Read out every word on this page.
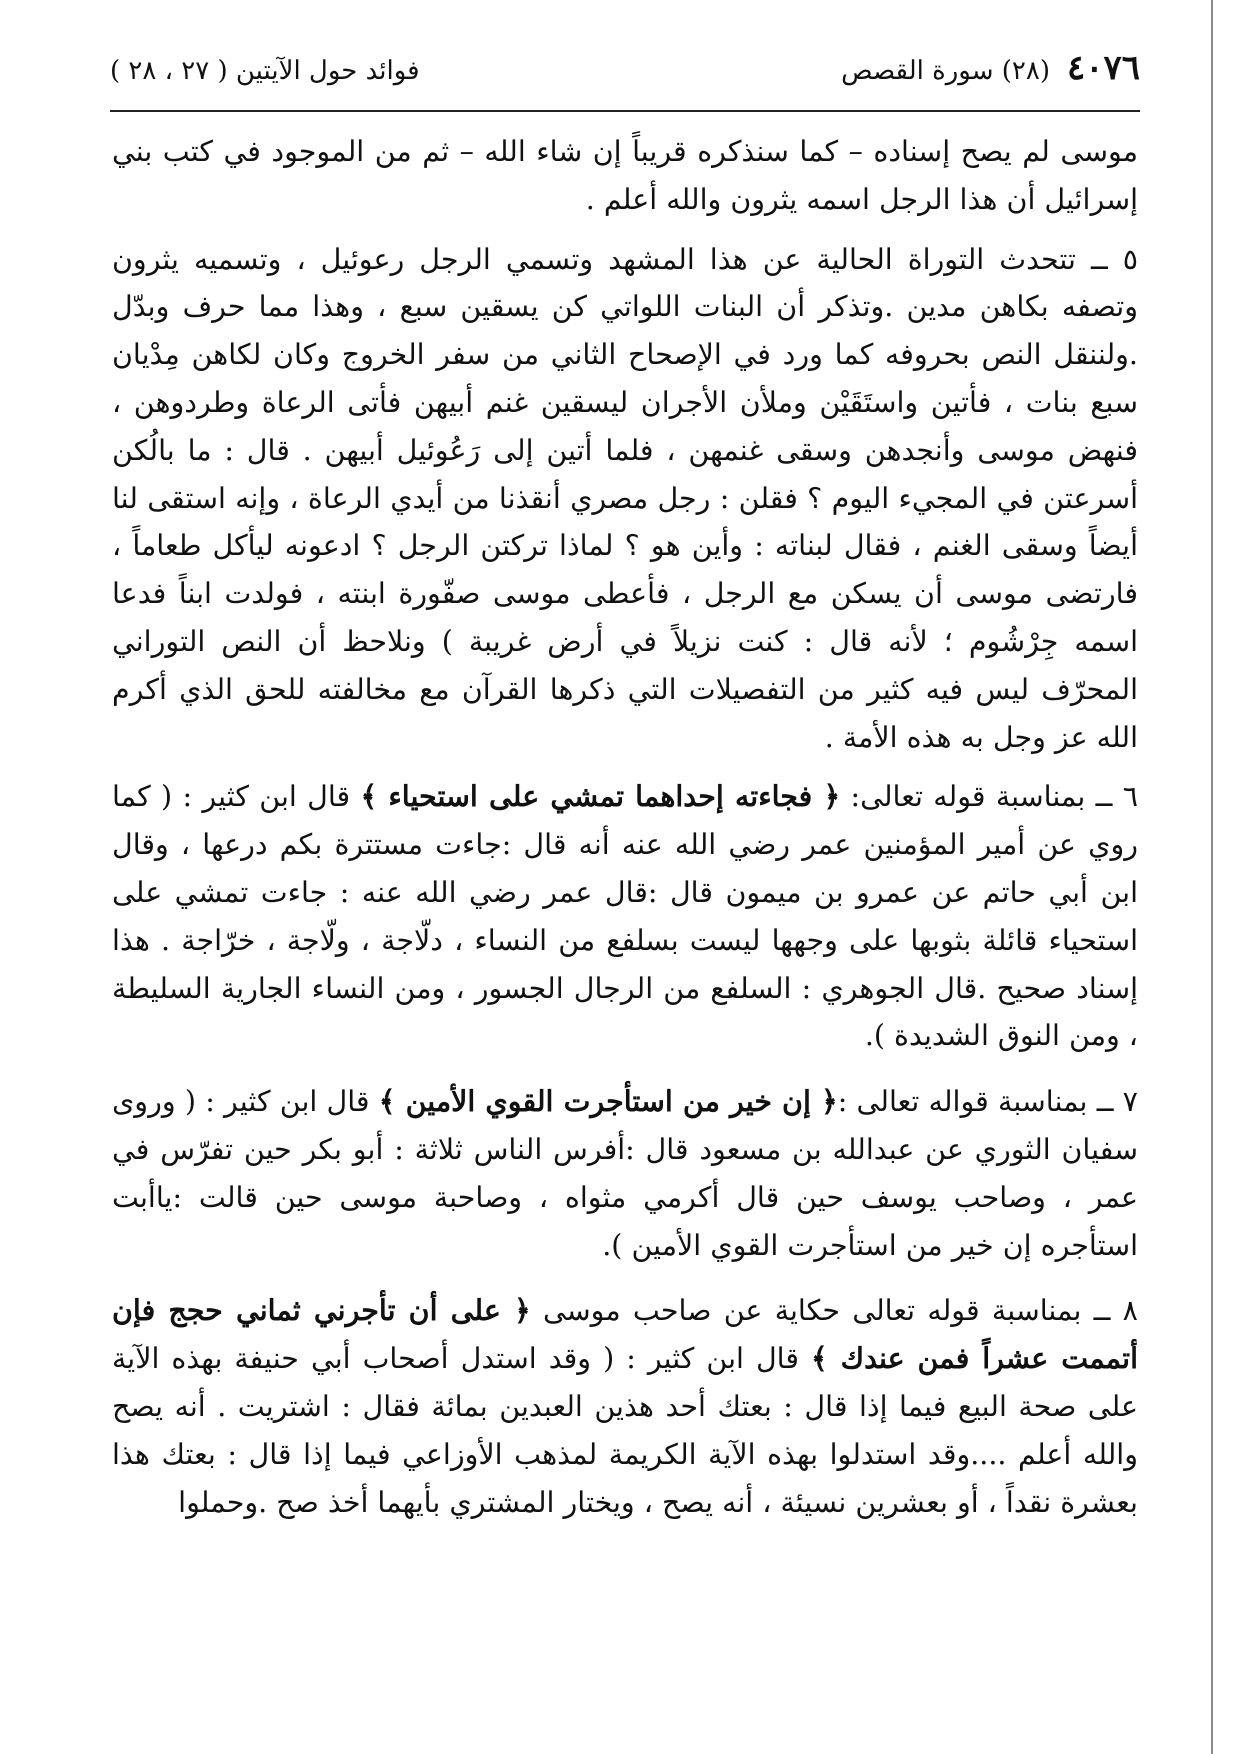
٤٠٧٦
(٢٨) سورة القصص
فوائد حول الآيتين ( ٢٧ ، ٢٨ )

موسى لم يصح إسناده – كما سنذكره قريباً إن شاء الله – ثم من الموجود في كتب بني إسرائيل أن هذا الرجل اسمه يثرون والله أعلم .

٥ ــ تتحدث التوراة الحالية عن هذا المشهد وتسمي الرجل رعوئيل ، وتسميه يثرون وتصفه بكاهن مدين .وتذكر أن البنات اللواتي كن يسقين سبع ، وهذا مما حرف وبدّل .ولننقل النص بحروفه كما ورد في الإصحاح الثاني من سفر الخروج وكان لكاهن مِدْيان سبع بنات ، فأتين واستَقَيْن وملأن الأجران ليسقين غنم أبيهن فأتى الرعاة وطردوهن ، فنهض موسى وأنجدهن وسقى غنمهن ، فلما أتين إلى رَعُوئيل أبيهن . قال : ما بالُكن أسرعتن في المجيء اليوم ؟ فقلن : رجل مصري أنقذنا من أيدي الرعاة ، وإنه استقى لنا أيضاً وسقى الغنم ، فقال لبناته : وأين هو ؟ لماذا تركتن الرجل ؟ ادعونه ليأكل طعاماً ، فارتضى موسى أن يسكن مع الرجل ، فأعطى موسى صفّورة ابنته ، فولدت ابناً فدعا اسمه جِرْشُوم ؛ لأنه قال : كنت نزيلاً في أرض غريبة ) ونلاحظ أن النص التوراني المحرّف ليس فيه كثير من التفصيلات التي ذكرها القرآن مع مخالفته للحق الذي أكرم الله عز وجل به هذه الأمة .

٦ ــ بمناسبة قوله تعالى: ﴿ فجاءته إحداهما تمشي على استحياء ﴾ قال ابن كثير : ( كما روي عن أمير المؤمنين عمر رضي الله عنه أنه قال :جاءت مستترة بكم درعها ، وقال ابن أبي حاتم عن عمرو بن ميمون قال :قال عمر رضي الله عنه : جاءت تمشي على استحياء قائلة بثوبها على وجهها ليست بسلفع من النساء ، دلّاجة ، ولّاجة ، خرّاجة . هذا إسناد صحيح .قال الجوهري : السلفع من الرجال الجسور ، ومن النساء الجارية السليطة ، ومن النوق الشديدة ).

٧ ــ بمناسبة قواله تعالى :﴿ إن خير من استأجرت القوي الأمين ﴾ قال ابن كثير : ( وروى سفيان الثوري عن عبدالله بن مسعود قال :أفرس الناس ثلاثة : أبو بكر حين تفرّس في عمر ، وصاحب يوسف حين قال أكرمي مثواه ، وصاحبة موسى حين قالت :ياأبت استأجره إن خير من استأجرت القوي الأمين ).

٨ ــ بمناسبة قوله تعالى حكاية عن صاحب موسى ﴿ على أن تأجرني ثماني حجج فإن أتممت عشراً فمن عندك ﴾ قال ابن كثير : ( وقد استدل أصحاب أبي حنيفة بهذه الآية على صحة البيع فيما إذا قال : بعتك أحد هذين العبدين بمائة فقال : اشتريت . أنه يصح والله أعلم ....وقد استدلوا بهذه الآية الكريمة لمذهب الأوزاعي فيما إذا قال : بعتك هذا بعشرة نقداً ، أو بعشرين نسيئة ، أنه يصح ، ويختار المشتري بأيهما أخذ صح .وحملوا
